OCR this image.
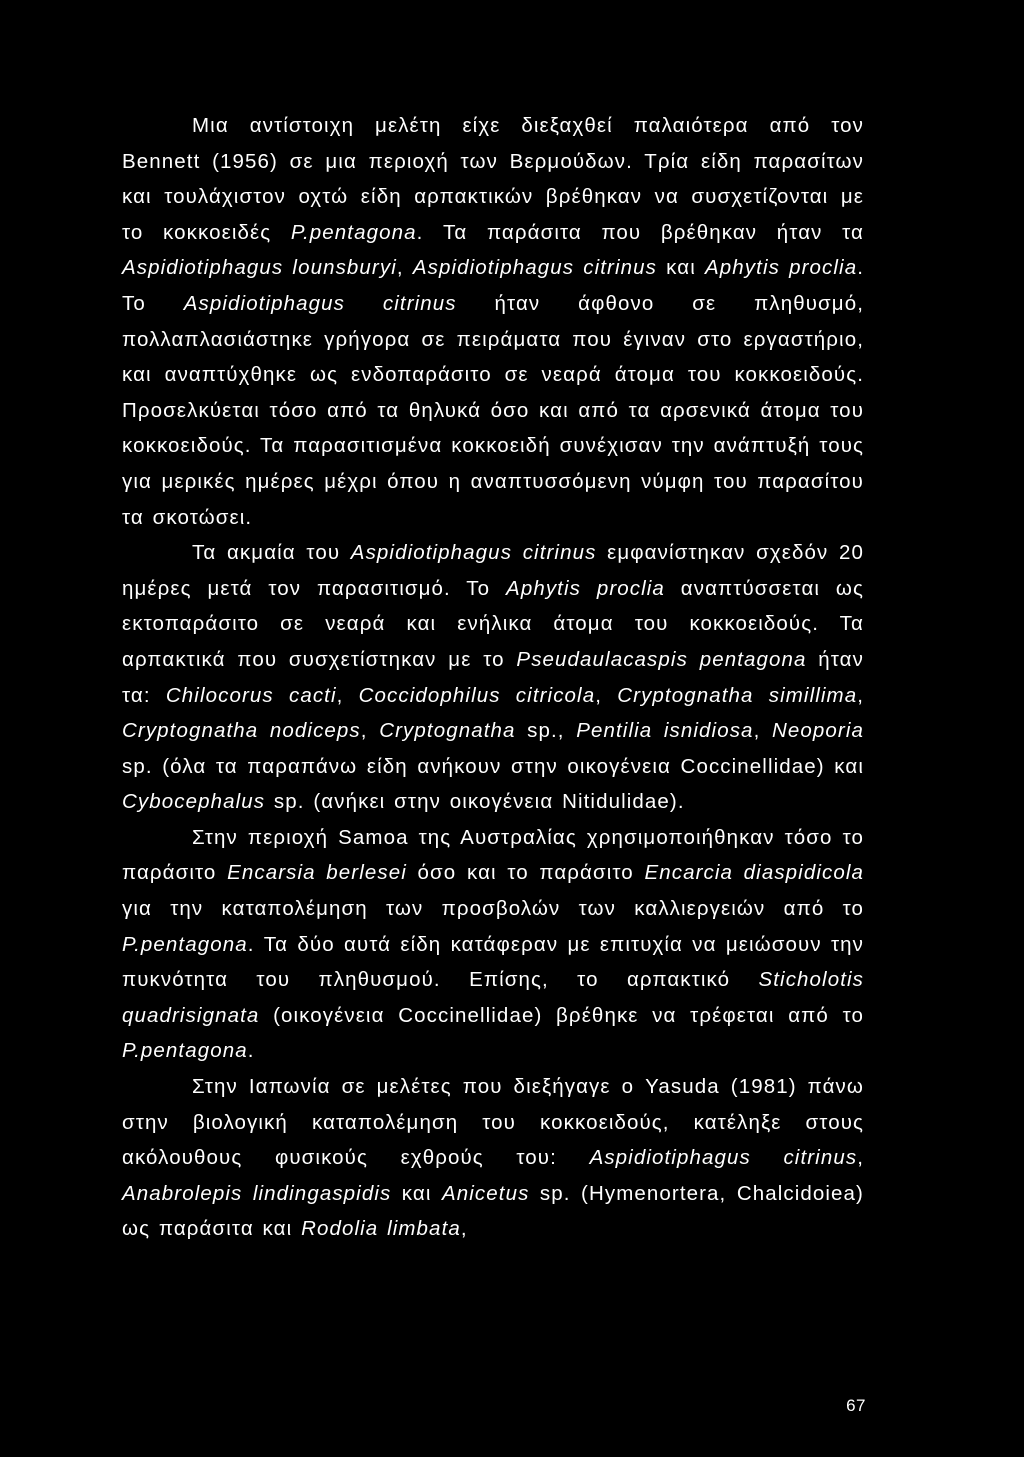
Μια αντίστοιχη μελέτη είχε διεξαχθεί παλαιότερα από τον Bennett (1956) σε μια περιοχή των Βερμούδων. Τρία είδη παρασίτων και τουλάχιστον οχτώ είδη αρπακτικών βρέθηκαν να συσχετίζονται με το κοκκοειδές P.pentagona. Τα παράσιτα που βρέθηκαν ήταν τα Aspidiotiphagus lounsburyi, Aspidiotiphagus citrinus και Aphytis proclia. Το Aspidiotiphagus citrinus ήταν άφθονο σε πληθυσμό, πολλαπλασιάστηκε γρήγορα σε πειράματα που έγιναν στο εργαστήριο, και αναπτύχθηκε ως ενδοπαράσιτο σε νεαρά άτομα του κοκκοειδούς. Προσελκύεται τόσο από τα θηλυκά όσο και από τα αρσενικά άτομα του κοκκοειδούς. Τα παρασιτισμένα κοκκοειδή συνέχισαν την ανάπτυξή τους για μερικές ημέρες μέχρι όπου η αναπτυσσόμενη νύμφη του παρασίτου τα σκοτώσει.

Τα ακμαία του Aspidiotiphagus citrinus εμφανίστηκαν σχεδόν 20 ημέρες μετά τον παρασιτισμό. Το Aphytis proclia αναπτύσσεται ως εκτοπαράσιτο σε νεαρά και ενήλικα άτομα του κοκκοειδούς. Τα αρπακτικά που συσχετίστηκαν με το Pseudaulacaspis pentagona ήταν τα: Chilocorus cacti, Coccidophilus citricola, Cryptognatha simillima, Cryptognatha nodiceps, Cryptognatha sp., Pentilia isnidiosa, Neoporia sp. (όλα τα παραπάνω είδη ανήκουν στην οικογένεια Coccinellidae) και Cybocephalus sp. (ανήκει στην οικογένεια Nitidulidae).

Στην περιοχή Samoa της Αυστραλίας χρησιμοποιήθηκαν τόσο το παράσιτο Encarsia berlesei όσο και το παράσιτο Encarcia diaspidicola για την καταπολέμηση των προσβολών των καλλιεργειών από το P.pentagona. Τα δύο αυτά είδη κατάφεραν με επιτυχία να μειώσουν την πυκνότητα του πληθυσμού. Επίσης, το αρπακτικό Sticholotis quadrisignata (οικογένεια Coccinellidae) βρέθηκε να τρέφεται από το P.pentagona.

Στην Ιαπωνία σε μελέτες που διεξήγαγε ο Yasuda (1981) πάνω στην βιολογική καταπολέμηση του κοκκοειδούς, κατέληξε στους ακόλουθους φυσικούς εχθρούς του: Aspidiotiphagus citrinus, Anabrolepis lindingaspidis και Anicetus sp. (Hymenortera, Chalcidoiea) ως παράσιτα και Rodolia limbata,

67
